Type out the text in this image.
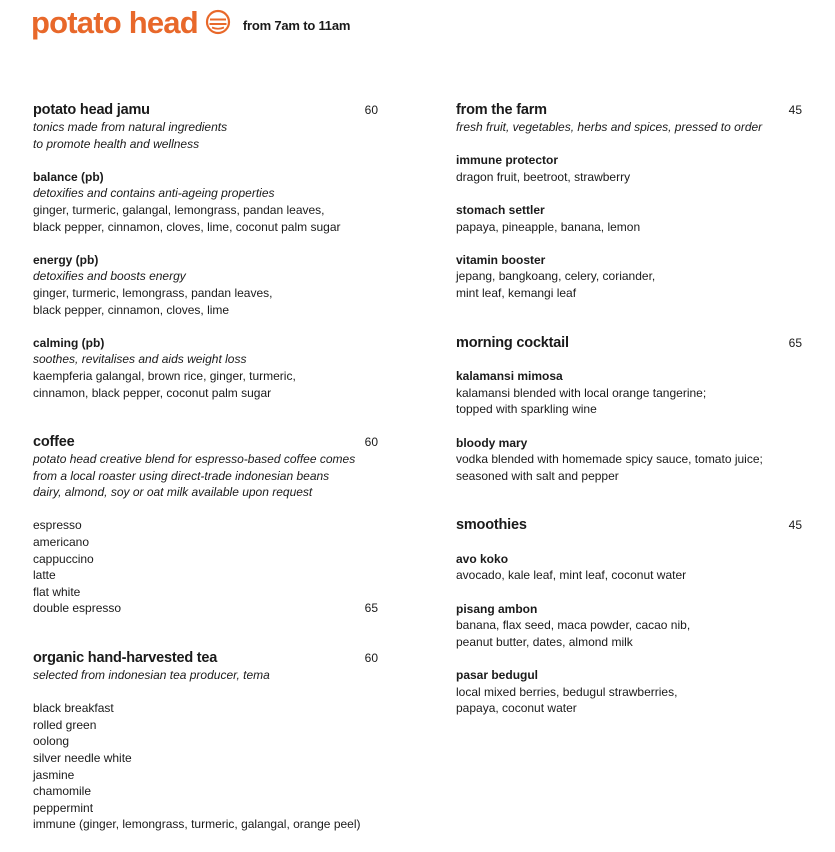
potato head	from 7am to 11am
potato head jamu	60
tonics made from natural ingredients
to promote health and wellness
balance (pb)
detoxifies and contains anti-ageing properties
ginger, turmeric, galangal, lemongrass, pandan leaves,
black pepper, cinnamon, cloves, lime, coconut palm sugar
energy (pb)
detoxifies and boosts energy
ginger, turmeric, lemongrass, pandan leaves,
black pepper, cinnamon, cloves, lime
calming (pb)
soothes, revitalises and aids weight loss
kaempferia galangal, brown rice, ginger, turmeric,
cinnamon, black pepper, coconut palm sugar
coffee	60
potato head creative blend for espresso-based coffee comes
from a local roaster using direct-trade indonesian beans
dairy, almond, soy or oat milk available upon request
espresso
americano
cappuccino
latte
flat white
double espresso	65
organic hand-harvested tea	60
selected from indonesian tea producer, tema
black breakfast
rolled green
oolong
silver needle white
jasmine
chamomile
peppermint
immune (ginger, lemongrass, turmeric, galangal, orange peel)
from the farm	45
fresh fruit, vegetables, herbs and spices, pressed to order
immune protector
dragon fruit, beetroot, strawberry
stomach settler
papaya, pineapple, banana, lemon
vitamin booster
jepang, bangkoang, celery, coriander,
mint leaf, kemangi leaf
morning cocktail	65
kalamansi mimosa
kalamansi blended with local orange tangerine;
topped with sparkling wine
bloody mary
vodka blended with homemade spicy sauce, tomato juice;
seasoned with salt and pepper
smoothies	45
avo koko
avocado, kale leaf, mint leaf, coconut water
pisang ambon
banana, flax seed, maca powder, cacao nib,
peanut butter, dates, almond milk
pasar bedugul
local mixed berries, bedugul strawberries,
papaya, coconut water
